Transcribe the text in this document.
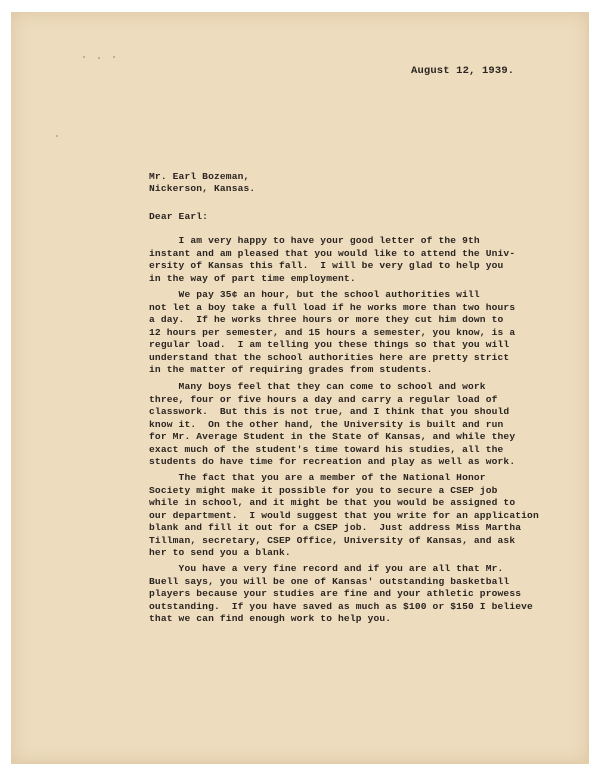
August 12, 1939.
Mr. Earl Bozeman,
Nickerson, Kansas.
Dear Earl:
I am very happy to have your good letter of the 9th
instant and am pleased that you would like to attend the Univ-
ersity of Kansas this fall.  I will be very glad to help you
in the way of part time employment.
We pay 35¢ an hour, but the school authorities will
not let a boy take a full load if he works more than two hours
a day.  If he works three hours or more they cut him down to
12 hours per semester, and 15 hours a semester, you know, is a
regular load.  I am telling you these things so that you will
understand that the school authorities here are pretty strict
in the matter of requiring grades from students.
Many boys feel that they can come to school and work
three, four or five hours a day and carry a regular load of
classwork.  But this is not true, and I think that you should
know it.  On the other hand, the University is built and run
for Mr. Average Student in the State of Kansas, and while they
exact much of the student's time toward his studies, all the
students do have time for recreation and play as well as work.
The fact that you are a member of the National Honor
Society might make it possible for you to secure a CSEP job
while in school, and it might be that you would be assigned to
our department.  I would suggest that you write for an application
blank and fill it out for a CSEP job.  Just address Miss Martha
Tillman, secretary, CSEP Office, University of Kansas, and ask
her to send you a blank.
You have a very fine record and if you are all that Mr.
Buell says, you will be one of Kansas' outstanding basketball
players because your studies are fine and your athletic prowess
outstanding.  If you have saved as much as $100 or $150 I believe
that we can find enough work to help you.
